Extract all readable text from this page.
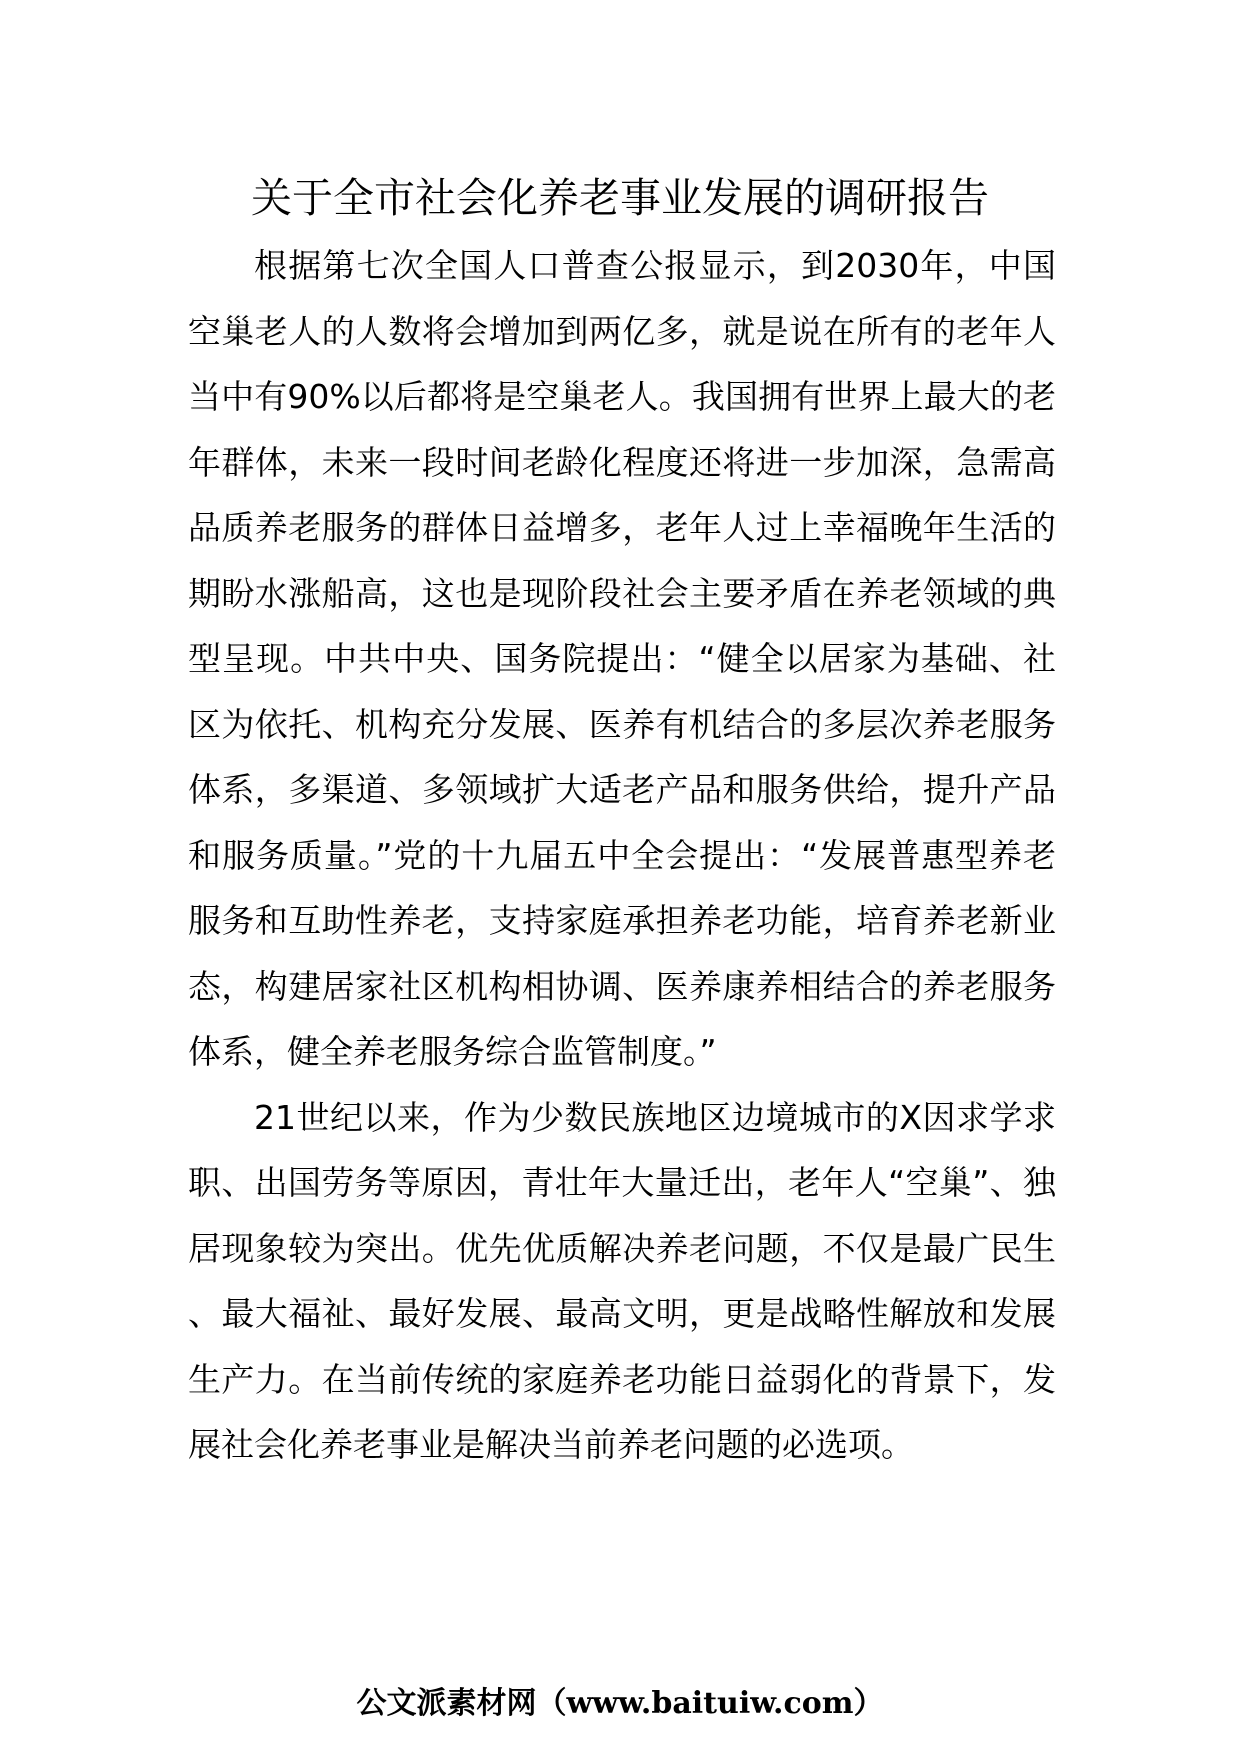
关于全市社会化养老事业发展的调研报告

根据第七次全国人口普查公报显示，到2030年，中国空巢老人的人数将会增加到两亿多，就是说在所有的老年人当中有90%以后都将是空巢老人。我国拥有世界上最大的老年群体，未来一段时间老龄化程度还将进一步加深，急需高品质养老服务的群体日益增多，老年人过上幸福晚年生活的期盼水涨船高，这也是现阶段社会主要矛盾在养老领域的典型呈现。中共中央、国务院提出：“健全以居家为基础、社区为依托、机构充分发展、医养有机结合的多层次养老服务体系，多渠道、多领域扩大适老产品和服务供给，提升产品和服务质量。”党的十九届五中全会提出：“发展普惠型养老服务和互助性养老，支持家庭承担养老功能，培育养老新业态，构建居家社区机构相协调、医养康养相结合的养老服务体系，健全养老服务综合监管制度。”

21世纪以来，作为少数民族地区边境城市的X因求学求职、出国劳务等原因，青壮年大量迁出，老年人“空巢”、独居现象较为突出。优先优质解决养老问题，不仅是最广民生、最大福祉、最好发展、最高文明，更是战略性解放和发展生产力。在当前传统的家庭养老功能日益弱化的背景下，发展社会化养老事业是解决当前养老问题的必选项。

公文派素材网（www.baituiw.com）
